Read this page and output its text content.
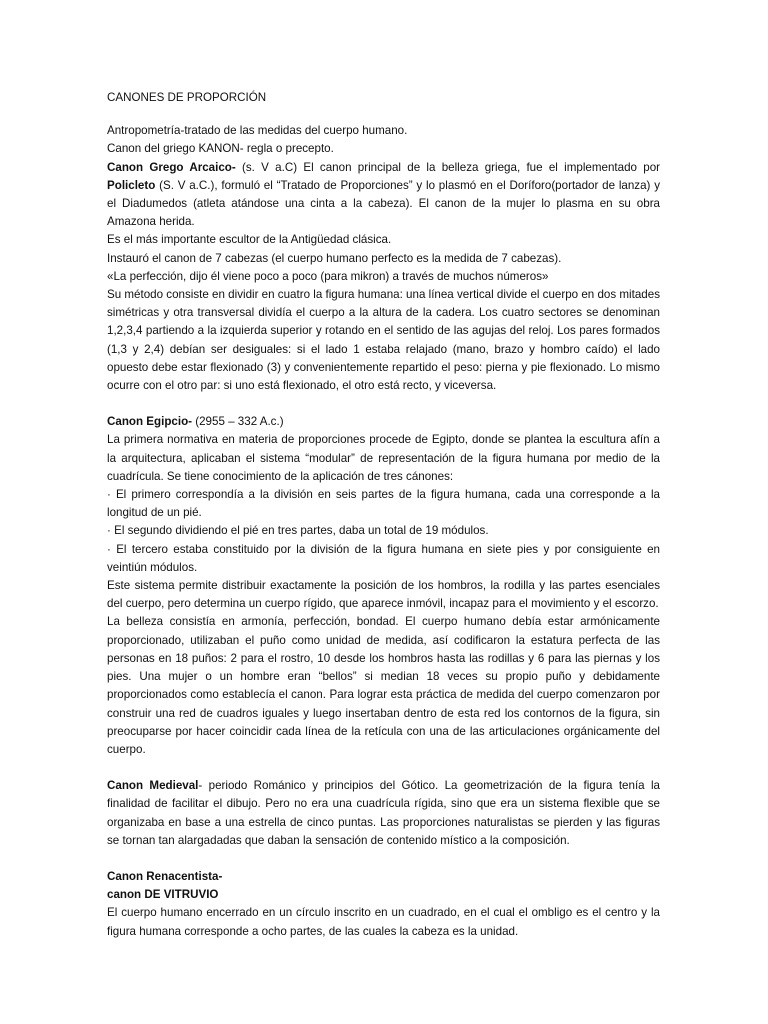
CANONES DE PROPORCIÓN
Antropometría-tratado de las medidas del cuerpo humano.
Canon del griego KANON- regla o precepto.
Canon Grego Arcaico- (s. V a.C) El canon principal de la belleza griega, fue el implementado por Policleto (S. V a.C.), formuló el “Tratado de Proporciones” y lo plasmó en el Doríforo(portador de lanza) y el Diadumedos (atleta atándose una cinta a la cabeza). El canon de la mujer lo plasma en su obra Amazona herida.
Es el más importante escultor de la Antigüedad clásica.
Instauró el canon de 7 cabezas (el cuerpo humano perfecto es la medida de 7 cabezas).
«La perfección, dijo él viene poco a poco (para mikron) a través de muchos números»
Su método consiste en dividir en cuatro la figura humana: una línea vertical divide el cuerpo en dos mitades simétricas y otra transversal dividía el cuerpo a la altura de la cadera. Los cuatro sectores se denominan 1,2,3,4 partiendo a la izquierda superior y rotando en el sentido de las agujas del reloj. Los pares formados (1,3 y 2,4) debían ser desiguales: si el lado 1 estaba relajado (mano, brazo y hombro caído) el lado opuesto debe estar flexionado (3) y convenientemente repartido el peso: pierna y pie flexionado. Lo mismo ocurre con el otro par: si uno está flexionado, el otro está recto, y viceversa.
Canon Egipcio- (2955 – 332 A.c.)
La primera normativa en materia de proporciones procede de Egipto, donde se plantea la escultura afín a la arquitectura, aplicaban el sistema “modular” de representación de la figura humana por medio de la cuadrícula. Se tiene conocimiento de la aplicación de tres cánones:
· El primero correspondía a la división en seis partes de la figura humana, cada una corresponde a la longitud de un pié.
· El segundo dividiendo el pié en tres partes, daba un total de 19 módulos.
· El tercero estaba constituido por la división de la figura humana en siete pies y por consiguiente en veintiún módulos.
Este sistema permite distribuir exactamente la posición de los hombros, la rodilla y las partes esenciales del cuerpo, pero determina un cuerpo rígido, que aparece inmóvil, incapaz para el movimiento y el escorzo.
La belleza consistía en armonía, perfección, bondad. El cuerpo humano debía estar armónicamente proporcionado, utilizaban el puño como unidad de medida, así codificaron la estatura perfecta de las personas en 18 puños: 2 para el rostro, 10 desde los hombros hasta las rodillas y 6 para las piernas y los pies. Una mujer o un hombre eran “bellos” si median 18 veces su propio puño y debidamente proporcionados como establecía el canon. Para lograr esta práctica de medida del cuerpo comenzaron por construir una red de cuadros iguales y luego insertaban dentro de esta red los contornos de la figura, sin preocuparse por hacer coincidir cada línea de la retícula con una de las articulaciones orgánicamente del cuerpo.
Canon Medieval- periodo Románico y principios del Gótico. La geometrización de la figura tenía la finalidad de facilitar el dibujo. Pero no era una cuadrícula rígida, sino que era un sistema flexible que se organizaba en base a una estrella de cinco puntas. Las proporciones naturalistas se pierden y las figuras se tornan tan alargadadas que daban la sensación de contenido místico a la composición.
Canon Renacentista-
canon DE VITRUVIO
El cuerpo humano encerrado en un círculo inscrito en un cuadrado, en el cual el ombligo es el centro y la figura humana corresponde a ocho partes, de las cuales la cabeza es la unidad.
